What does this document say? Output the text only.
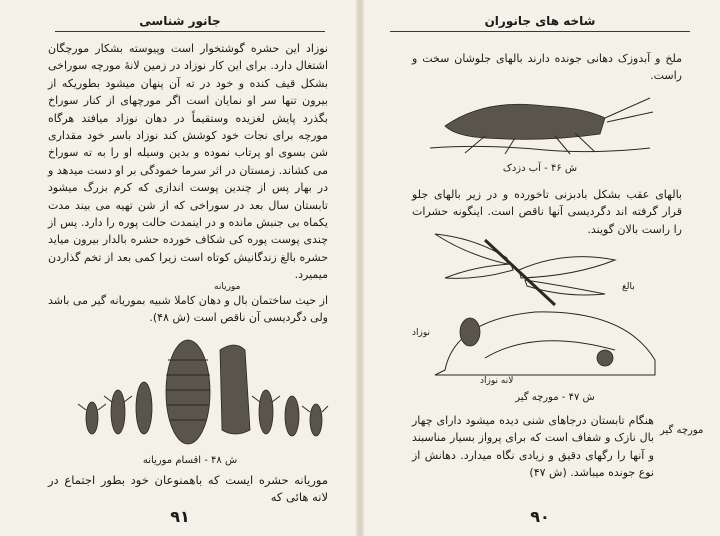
جانور شناسی
نوزاد این حشره گوشتخوار است وپیوسته بشکار مورچگان اشتغال دارد. برای این کار نوزاد در زمین لانهٔ مورچه سوراخی بشکل قیف کنده و خود در ته آن پنهان میشود بطوریکه از بیرون تنها سر او نمایان است اگر مورچهای از کنار سوراخ بگذرد پایش لغزیده وستقیماً در دهان نوزاد میافتد هرگاه مورچه برای نجات خود کوشش کند نوزاد باسر خود مقداری شن بسوی او پرتاب نموده و بدین وسیله او را به ته سوراخ می کشاند. زمستان در اثر سرما خمودگی بر او دست میدهد و در بهار پس از چندین پوست اندازی که کرم بزرگ میشود تابستان سال بعد در سوراخی که از شن تهیه می بیند مدت یکماه بی جنبش مانده و در اینمدت حالت پوره را دارد. پس از چندی پوست پوره کی شکاف خورده حشره بالدار بیرون میاید حشره بالغ زندگانیش کوتاه است زیرا کمی بعد از تخم گذاردن میمیرد.
موریانه
از حیث ساختمان بال و دهان کاملا شبیه بموریانه گیر می باشد ولی دگردیسی آن ناقص است (ش ۴۸).
ش ۴۸ - اقسام موریانه
موریانه حشره ایست که باهمنوعان خود بطور اجتماع در لانه هائی که
۹۱
شاخه های جانوران
ملخ و آبدوزک دهانی جونده دارند بالهای جلوشان سخت و راست.
ش ۴۶ - آب دزدک
بالهای عقب بشکل بادبزنی تاخورده و در زیر بالهای جلو قرار گرفته اند دگردیسی آنها ناقص است. اینگونه حشرات را راست بالان گویند.
بالغ
نوزاد
لانه نوزاد
ش ۴۷ - مورچه گیر
مورچه گیر
هنگام تابستان درجاهای شنی دیده میشود دارای چهار بال نازک و شفاف است که برای پرواز بسیار مناسبند و آنها را رگهای دقیق و زیادی نگاه میدارد. دهانش از نوع جونده میباشد. (ش ۴۷)
۹۰
